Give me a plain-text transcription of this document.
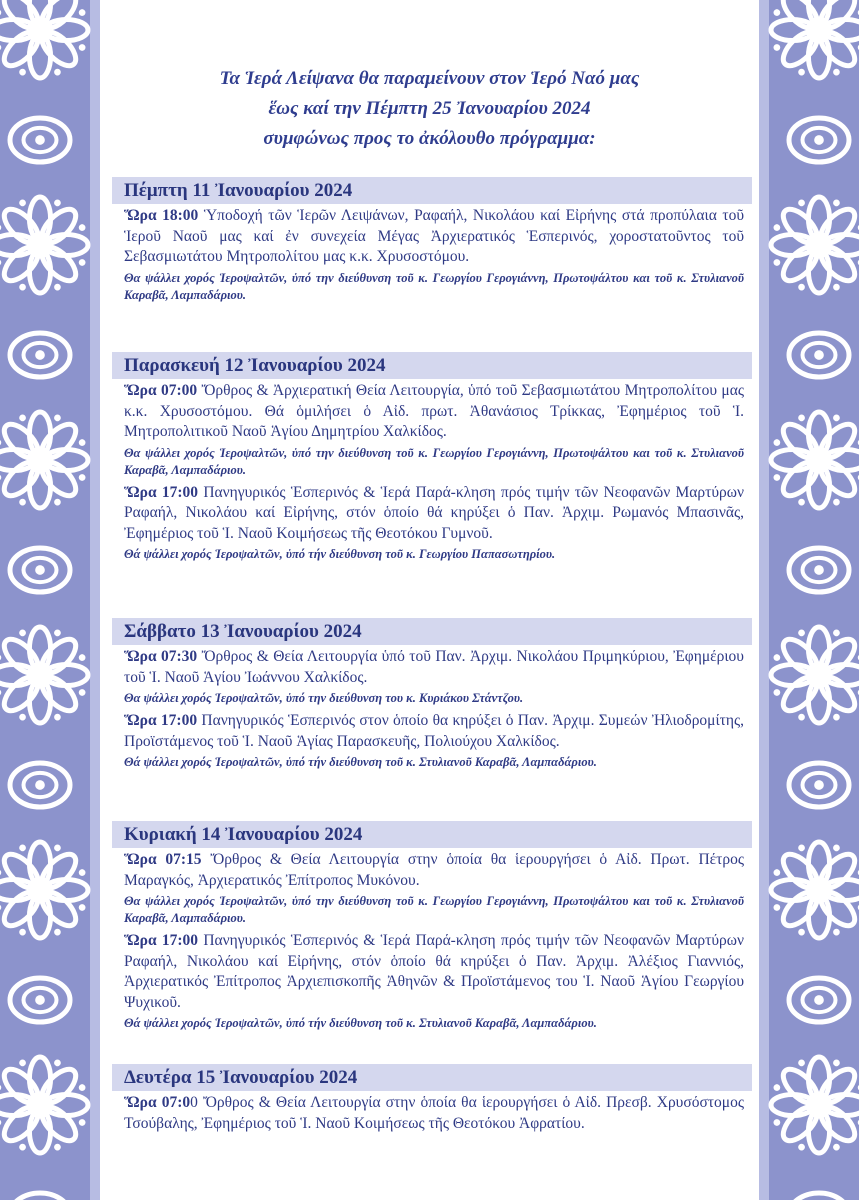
Τα Ἱερά Λείψανα θα παραμείνουν στον Ἱερό Ναό μας
ἕως καί την Πέμπτη 25 Ἰανουαρίου 2024
συμφώνως προς το ἀκόλουθο πρόγραμμα:
Πέμπτη 11 Ἰανουαρίου 2024
Ὥρα 18:00 Ὑποδοχή τῶν Ἱερῶν Λειψάνων, Ραφαήλ, Νικολάου καί Εἰρήνης στά προπύλαια τοῦ Ἱεροῦ Ναοῦ μας καί ἐν συνεχεία Μέγας Ἀρχιερατικός Ἑσπερινός, χοροστατοῦντος τοῦ Σεβασμιωτάτου Μητροπολίτου μας κ.κ. Χρυσοστόμου.
Θα ψάλλει χορός Ἱεροψαλτῶν, ὑπό την διεύθυνση τοῦ κ. Γεωργίου Γερογιάννη, Πρωτοψάλτου και τοῦ κ. Στυλιανοῦ Καραβᾶ, Λαμπαδάριου.
Παρασκευή 12 Ἰανουαρίου 2024
Ὥρα 07:00 Ὄρθρος & Ἀρχιερατική Θεία Λειτουργία, ὑπό τοῦ Σεβασμιωτάτου Μητροπολίτου μας κ.κ. Χρυσοστόμου. Θά ὁμιλήσει ὁ Αἰδ. πρωτ. Ἀθανάσιος Τρίκκας, Ἐφημέριος τοῦ Ἱ. Μητροπολιτικοῦ Ναοῦ Ἁγίου Δημητρίου Χαλκίδος.
Θα ψάλλει χορός Ἱεροψαλτῶν, ὑπό την διεύθυνση τοῦ κ. Γεωργίου Γερογιάννη, Πρωτοψάλτου και τοῦ κ. Στυλιανοῦ Καραβᾶ, Λαμπαδάριου.
Ὥρα 17:00 Πανηγυρικός Ἑσπερινός & Ἱερά Παρά-κληση πρός τιμήν τῶν Νεοφανῶν Μαρτύρων Ραφαήλ, Νικολάου καί Εἰρήνης, στόν ὁποίο θά κηρύξει ὁ Παν. Ἀρχιμ. Ρωμανός Μπασινᾶς, Ἐφημέριος τοῦ Ἱ. Ναοῦ Κοιμήσεως τῆς Θεοτόκου Γυμνοῦ.
Θά ψάλλει χορός Ἱεροψαλτῶν, ὑπό τήν διεύθυνση τοῦ κ. Γεωργίου Παπασωτηρίου.
Σάββατο 13 Ἰανουαρίου 2024
Ὥρα 07:30 Ὄρθρος & Θεία Λειτουργία ὑπό τοῦ Παν. Ἀρχιμ. Νικολάου Πριμηκύριου, Ἐφημέριου τοῦ Ἱ. Ναοῦ Ἁγίου Ἰωάννου Χαλκίδος.
Θα ψάλλει χορός Ἱεροψαλτῶν, ὑπό την διεύθυνση του κ. Κυριάκου Στάντζου.
Ὥρα 17:00 Πανηγυρικός Ἑσπερινός στον ὁποίο θα κηρύξει ὁ Παν. Ἀρχιμ. Συμεών Ἠλιοδρομίτης, Προϊστάμενος τοῦ Ἱ. Ναοῦ Ἁγίας Παρασκευῆς, Πολιούχου Χαλκίδος.
Θά ψάλλει χορός Ἱεροψαλτῶν, ὑπό τήν διεύθυνση τοῦ κ. Στυλιανοῦ Καραβᾶ, Λαμπαδάριου.
Κυριακή 14 Ἰανουαρίου 2024
Ὥρα 07:15 Ὄρθρος & Θεία Λειτουργία στην ὁποία θα ἱερουργήσει ὁ Αἰδ. Πρωτ. Πέτρος Μαραγκός, Ἀρχιερατικός Ἐπίτροπος Μυκόνου.
Θα ψάλλει χορός Ἱεροψαλτῶν, ὑπό την διεύθυνση τοῦ κ. Γεωργίου Γερογιάννη, Πρωτοψάλτου και τοῦ κ. Στυλιανοῦ Καραβᾶ, Λαμπαδάριου.
Ὥρα 17:00 Πανηγυρικός Ἑσπερινός & Ἱερά Παρά-κληση πρός τιμήν τῶν Νεοφανῶν Μαρτύρων Ραφαήλ, Νικολάου καί Εἰρήνης, στόν ὁποίο θά κηρύξει ὁ Παν. Ἀρχιμ. Ἀλέξιος Γιαννιός, Ἀρχιερατικός Ἐπίτροπος Ἀρχιεπισκοπῆς Ἀθηνῶν & Προϊστάμενος του Ἱ. Ναοῦ Ἁγίου Γεωργίου Ψυχικοῦ.
Θά ψάλλει χορός Ἱεροψαλτῶν, ὑπό τήν διεύθυνση τοῦ κ. Στυλιανοῦ Καραβᾶ, Λαμπαδάριου.
Δευτέρα 15 Ἰανουαρίου 2024
Ὥρα 07:00 Ὄρθρος & Θεία Λειτουργία στην ὁποία θα ἱερουργήσει ὁ Αἰδ. Πρεσβ. Χρυσόστομος Τσούβαλης, Ἐφημέριος τοῦ Ἱ. Ναοῦ Κοιμήσεως τῆς Θεοτόκου Ἀφρατίου.
